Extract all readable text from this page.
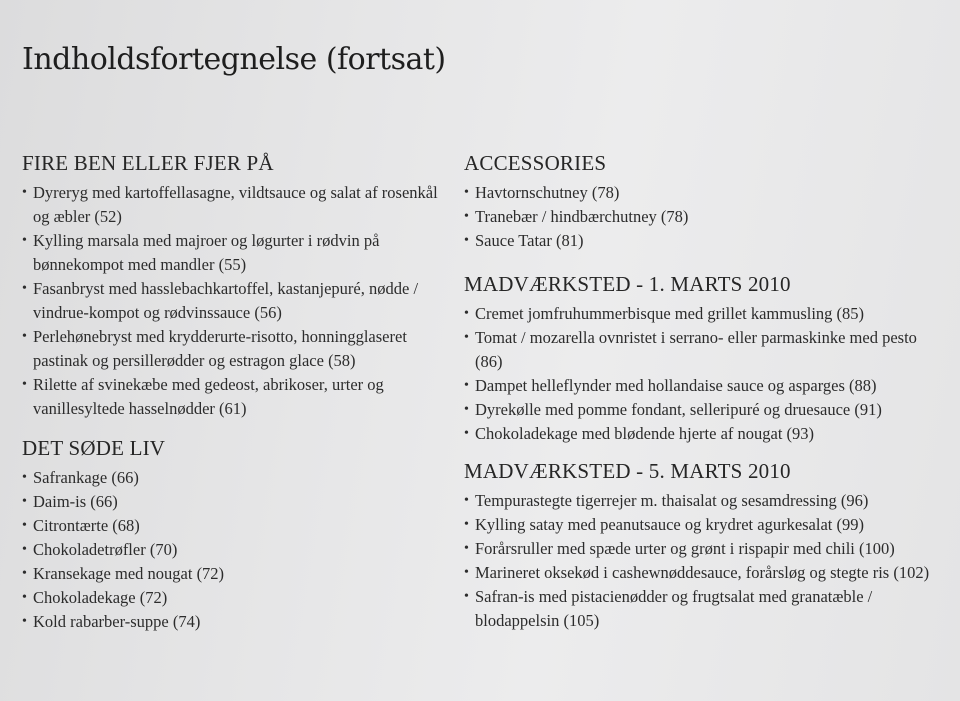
Indholdsfortegnelse (fortsat)
FIRE BEN ELLER FJER PÅ
• Dyreryg med kartoffellasagne, vildtsauce og salat af rosenkål og æbler (52)
• Kylling marsala med majroer og løgurter i rødvin på bønnekompot med mandler (55)
• Fasanbryst med hasslebachkartoffel, kastanjepuré, nødde / vindrue-kompot og rødvinssauce (56)
• Perlehønebryst med krydderurte-risotto, honningglaseret pastinak og persillerødder og estragon glace (58)
• Rilette af svinekæbe med gedeost, abrikoser, urter og vanillesyltede hasselnødder (61)
DET SØDE LIV
• Safrankage (66)
• Daim-is (66)
• Citrontærte (68)
• Chokoladetrøfler (70)
• Kransekage med nougat (72)
• Chokoladekage (72)
• Kold rabarber-suppe (74)
ACCESSORIES
• Havtornschutney (78)
• Tranebær / hindbærchutney (78)
• Sauce Tatar (81)
MADVÆRKSTED - 1. MARTS 2010
• Cremet jomfruhummerbisque med grillet kammusling (85)
• Tomat / mozarella ovnristet i serrano- eller parmaskinke med pesto (86)
• Dampet helleflynder med hollandaise sauce og asparges (88)
• Dyrekølle med pomme fondant, selleripuré og druesauce (91)
• Chokoladekage med blødende hjerte af nougat (93)
MADVÆRKSTED - 5. MARTS 2010
• Tempurastegte tigerrejer m. thaisalat og sesamdressing (96)
• Kylling satay med peanutsauce og krydret agurkesalat (99)
• Forårsruller med spæde urter og grønt i rispapir med chili (100)
• Marineret oksekød i cashewnøddesauce, forårsløg og stegte ris (102)
• Safran-is med pistacienødder og frugtsalat med granatæble / blodappelsin (105)
